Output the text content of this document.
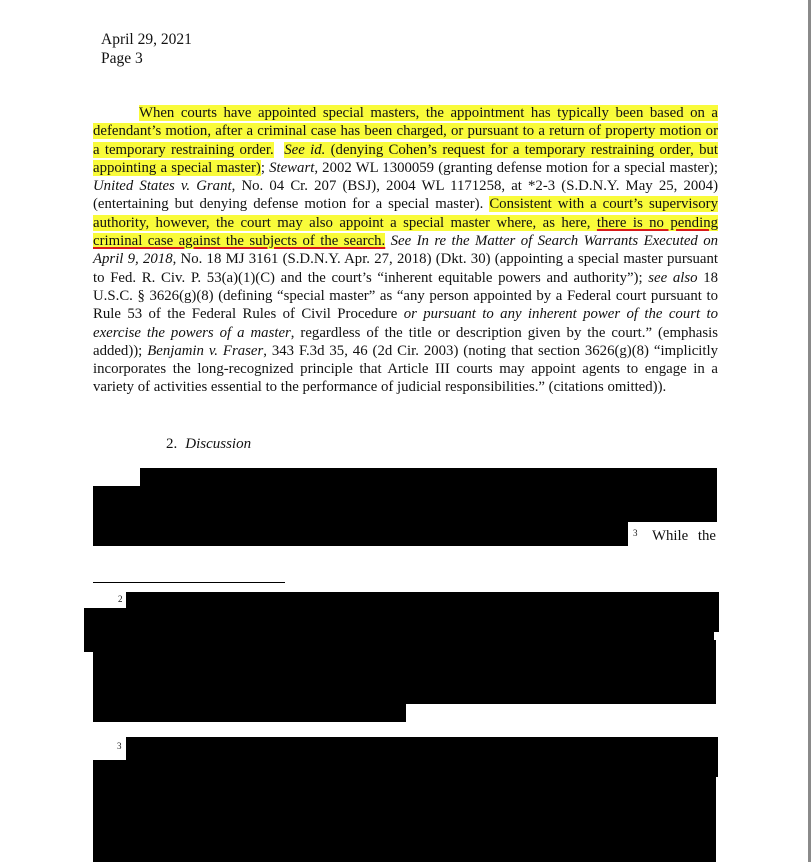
April 29, 2021
Page 3

When courts have appointed special masters, the appointment has typically been based on a defendant’s motion, after a criminal case has been charged, or pursuant to a return of property motion or a temporary restraining order. See id. (denying Cohen’s request for a temporary restraining order, but appointing a special master); Stewart, 2002 WL 1300059 (granting defense motion for a special master); United States v. Grant, No. 04 Cr. 207 (BSJ), 2004 WL 1171258, at *2-3 (S.D.N.Y. May 25, 2004) (entertaining but denying defense motion for a special master). Consistent with a court’s supervisory authority, however, the court may also appoint a special master where, as here, there is no pending criminal case against the subjects of the search. See In re the Matter of Search Warrants Executed on April 9, 2018, No. 18 MJ 3161 (S.D.N.Y. Apr. 27, 2018) (Dkt. 30) (appointing a special master pursuant to Fed. R. Civ. P. 53(a)(1)(C) and the court’s “inherent equitable powers and authority”); see also 18 U.S.C. § 3626(g)(8) (defining “special master” as “any person appointed by a Federal court pursuant to Rule 53 of the Federal Rules of Civil Procedure or pursuant to any inherent power of the court to exercise the powers of a master, regardless of the title or description given by the court.” (emphasis added)); Benjamin v. Fraser, 343 F.3d 35, 46 (2d Cir. 2003) (noting that section 3626(g)(8) “implicitly incorporates the long-recognized principle that Article III courts may appoint agents to engage in a variety of activities essential to the performance of judicial responsibilities.” (citations omitted)).

2. Discussion
3 While the
2
3
